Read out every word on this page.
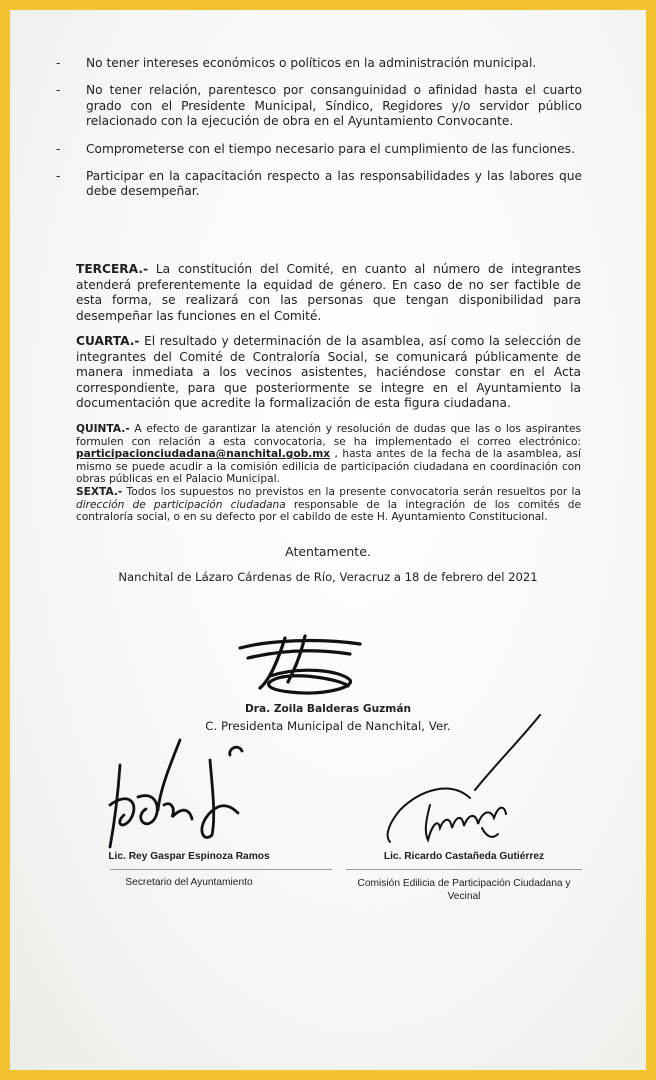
- No tener intereses económicos o políticos en la administración municipal.
- No tener relación, parentesco por consanguinidad o afinidad hasta el cuarto grado con el Presidente Municipal, Síndico, Regidores y/o servidor público relacionado con la ejecución de obra en el Ayuntamiento Convocante.
- Comprometerse con el tiempo necesario para el cumplimiento de las funciones.
- Participar en la capacitación respecto a las responsabilidades y las labores que debe desempeñar.

TERCERA.- La constitución del Comité, en cuanto al número de integrantes atenderá preferentemente la equidad de género. En caso de no ser factible de esta forma, se realizará con las personas que tengan disponibilidad para desempeñar las funciones en el Comité.

CUARTA.- El resultado y determinación de la asamblea, así como la selección de integrantes del Comité de Contraloría Social, se comunicará públicamente de manera inmediata a los vecinos asistentes, haciéndose constar en el Acta correspondiente, para que posteriormente se integre en el Ayuntamiento la documentación que acredite la formalización de esta figura ciudadana.

QUINTA.- A efecto de garantizar la atención y resolución de dudas que las o los aspirantes formulen con relación a esta convocatoria, se ha implementado el correo electrónico: participacionciudadana@nanchital.gob.mx , hasta antes de la fecha de la asamblea, así mismo se puede acudir a la comisión edilicia de participación ciudadana en coordinación con obras públicas en el Palacio Municipal.

SEXTA.- Todos los supuestos no previstos en la presente convocatoria serán resueltos por la dirección de participación ciudadana responsable de la integración de los comités de contraloría social, o en su defecto por el cabildo de este H. Ayuntamiento Constitucional.

Atentamente.
Nanchital de Lázaro Cárdenas de Río, Veracruz a 18 de febrero del 2021
Dra. Zoila Balderas Guzmán
C. Presidenta Municipal de Nanchital, Ver.
Lic. Rey Gaspar Espinoza Ramos
Secretario del Ayuntamiento
Lic. Ricardo Castañeda Gutiérrez
Comisión Edilicia de Participación Ciudadana y Vecinal
